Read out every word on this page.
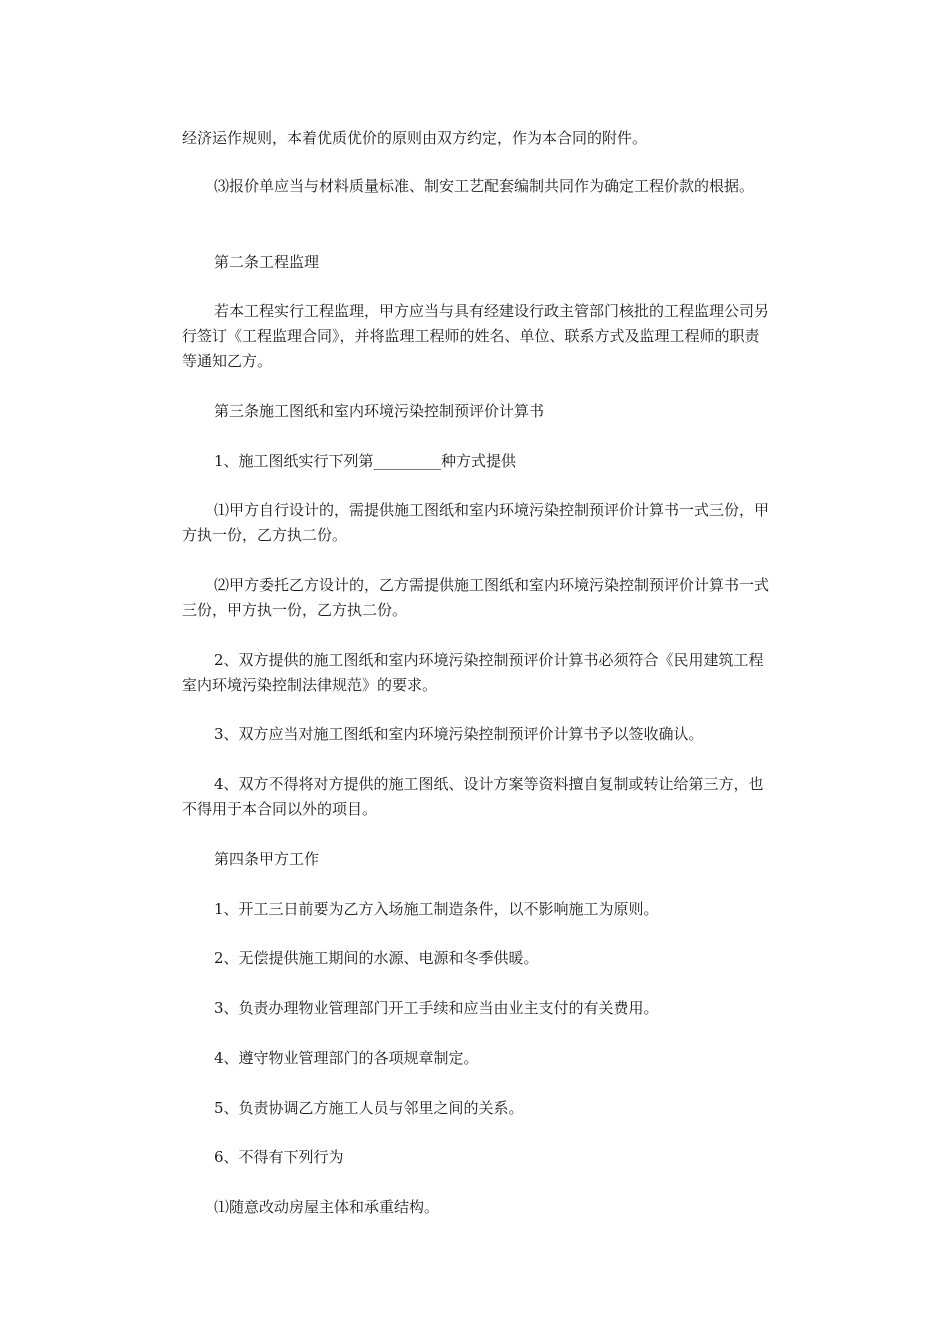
经济运作规则，本着优质优价的原则由双方约定，作为本合同的附件。

⑶报价单应当与材料质量标准、制安工艺配套编制共同作为确定工程价款的根据。

第二条工程监理

若本工程实行工程监理，甲方应当与具有经建设行政主管部门核批的工程监理公司另行签订《工程监理合同》，并将监理工程师的姓名、单位、联系方式及监理工程师的职责等通知乙方。

第三条施工图纸和室内环境污染控制预评价计算书

1、施工图纸实行下列第_________种方式提供

⑴甲方自行设计的，需提供施工图纸和室内环境污染控制预评价计算书一式三份，甲方执一份，乙方执二份。

⑵甲方委托乙方设计的，乙方需提供施工图纸和室内环境污染控制预评价计算书一式三份，甲方执一份，乙方执二份。

2、双方提供的施工图纸和室内环境污染控制预评价计算书必须符合《民用建筑工程室内环境污染控制法律规范》的要求。

3、双方应当对施工图纸和室内环境污染控制预评价计算书予以签收确认。

4、双方不得将对方提供的施工图纸、设计方案等资料擅自复制或转让给第三方，也不得用于本合同以外的项目。

第四条甲方工作

1、开工三日前要为乙方入场施工制造条件，以不影响施工为原则。

2、无偿提供施工期间的水源、电源和冬季供暖。

3、负责办理物业管理部门开工手续和应当由业主支付的有关费用。

4、遵守物业管理部门的各项规章制定。

5、负责协调乙方施工人员与邻里之间的关系。

6、不得有下列行为

⑴随意改动房屋主体和承重结构。
